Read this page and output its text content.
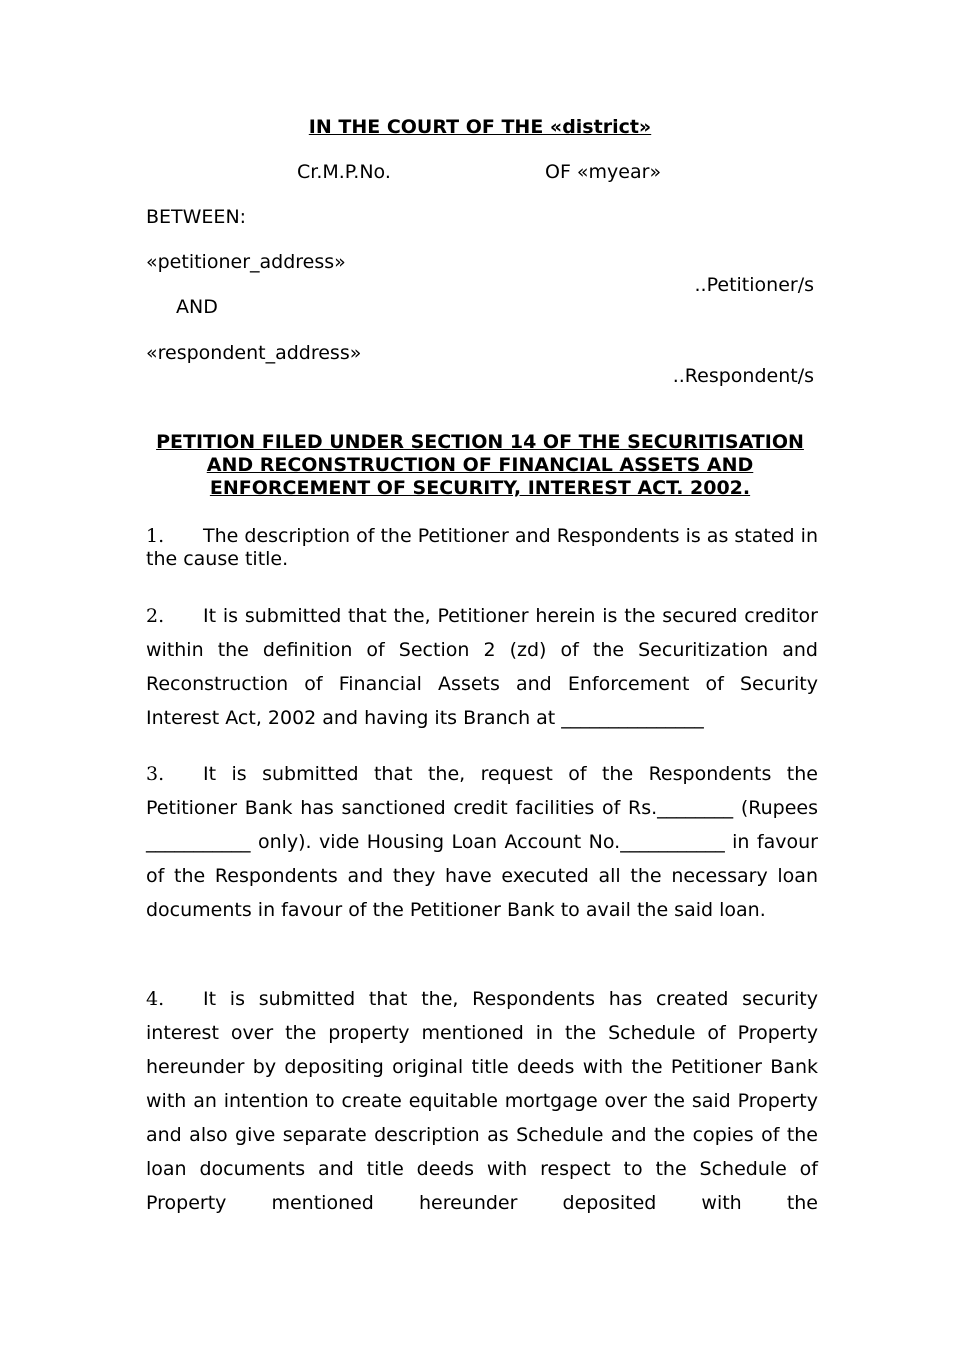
IN THE COURT OF THE «district»
Cr.M.P.No.	OF «myear»
BETWEEN:
«petitioner_address»
..Petitioner/s
AND
«respondent_address»
..Respondent/s
PETITION FILED UNDER SECTION 14 OF THE SECURITISATION
AND RECONSTRUCTION OF FINANCIAL ASSETS AND
ENFORCEMENT OF SECURITY, INTEREST ACT. 2002.

1. The description of the Petitioner and Respondents is as stated in the cause title.

2. It is submitted that the, Petitioner herein is the secured creditor within the definition of Section 2 (zd) of the Securitization and Reconstruction of Financial Assets and Enforcement of Security Interest Act, 2002 and having its Branch at _______________

3. It is submitted that the, request of the Respondents the Petitioner Bank has sanctioned credit facilities of Rs.________ (Rupees ___________ only). vide Housing Loan Account No.___________ in favour of the Respondents and they have executed all the necessary loan documents in favour of the Petitioner Bank to avail the said loan.

4. It is submitted that the, Respondents has created security interest over the property mentioned in the Schedule of Property hereunder by depositing original title deeds with the Petitioner Bank with an intention to create equitable mortgage over the said Property and also give separate description as Schedule and the copies of the loan documents and title deeds with respect to the Schedule of Property mentioned hereunder deposited with the
